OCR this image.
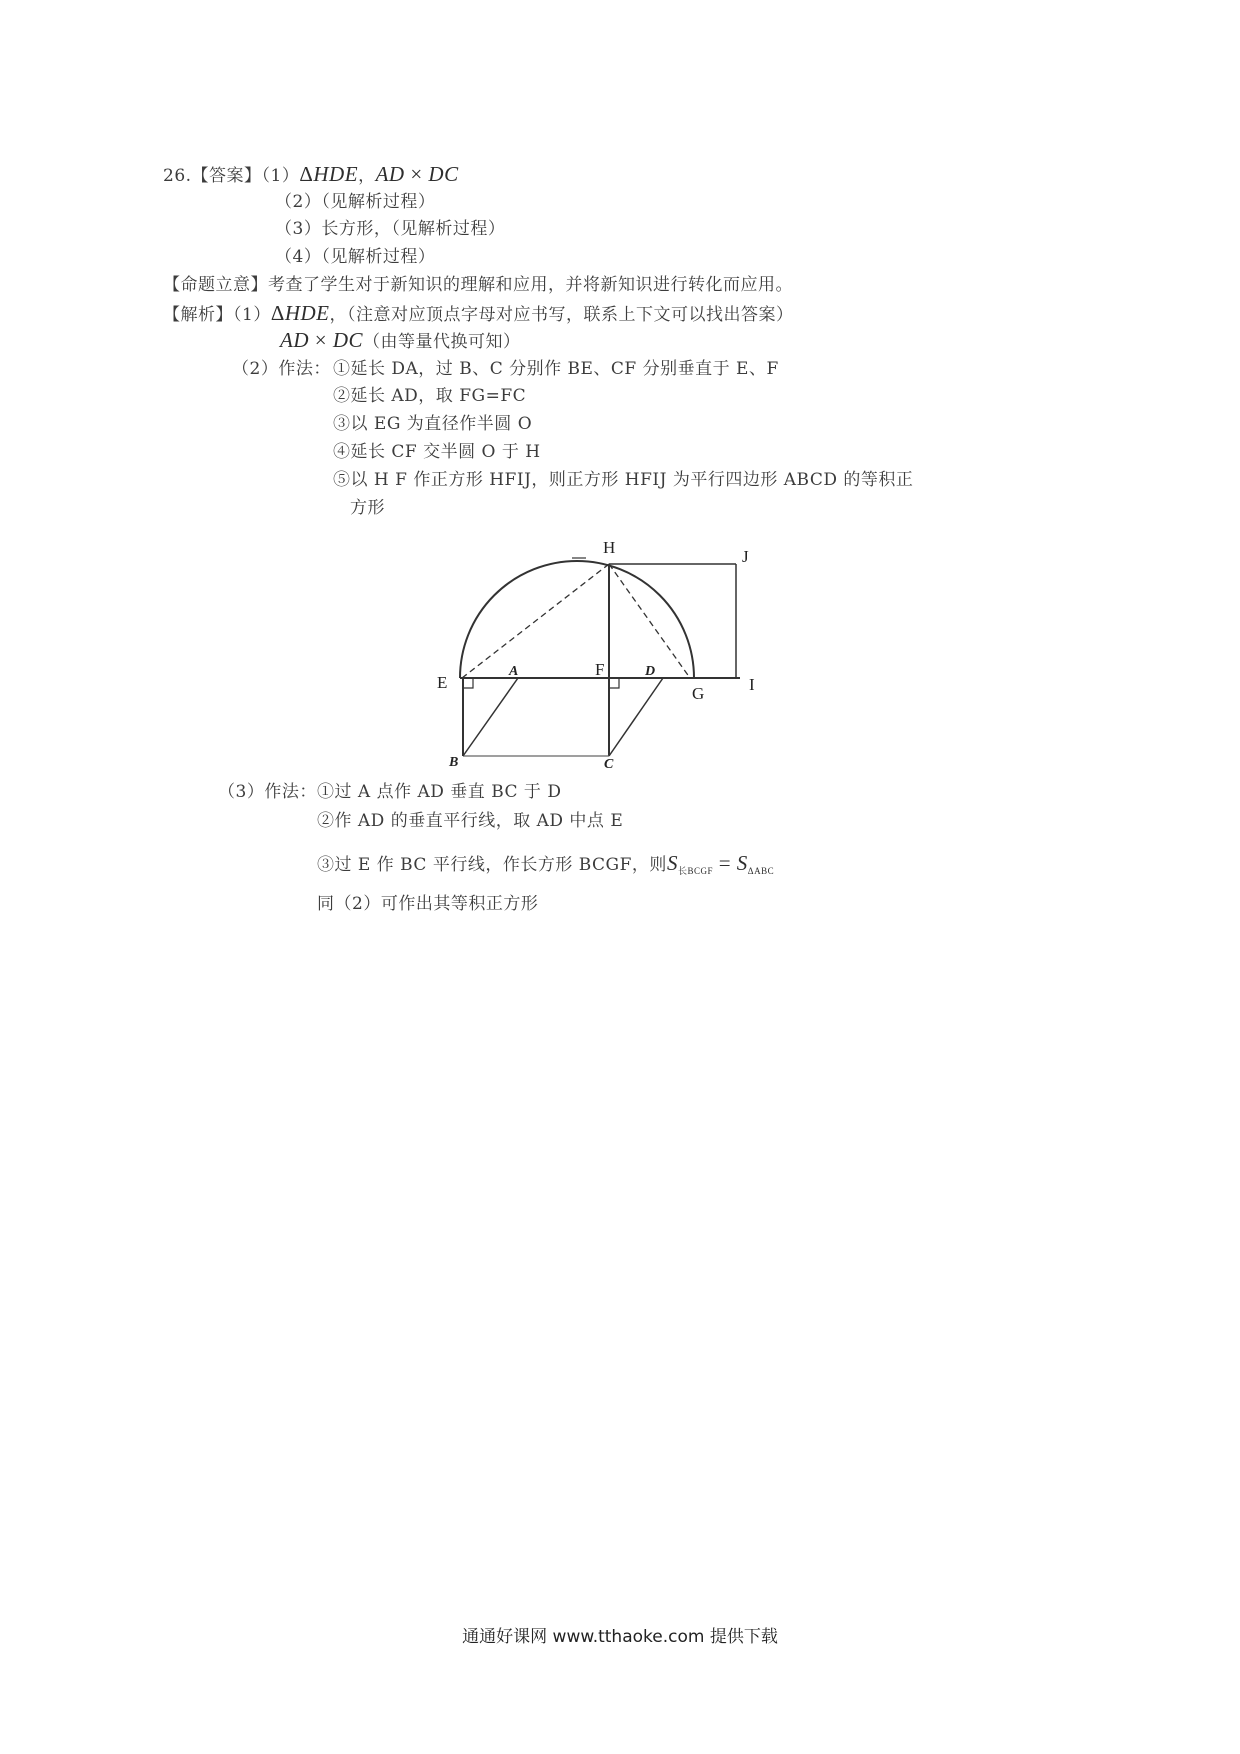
26.【答案】（1）ΔHDE，AD × DC
（2）（见解析过程）
（3）长方形，（见解析过程）
（4）（见解析过程）
【命题立意】考查了学生对于新知识的理解和应用，并将新知识进行转化而应用。
【解析】（1）ΔHDE，（注意对应顶点字母对应书写，联系上下文可以找出答案）
AD × DC（由等量代换可知）
（2）作法： ①延长 DA，过 B、C 分别作 BE、CF 分别垂直于 E、F
②延长 AD，取 FG=FC
③以 EG 为直径作半圆 O
④延长 CF 交半圆 O 于 H
⑤以 H F 作正方形 HFIJ，则正方形 HFIJ 为平行四边形 ABCD 的等积正
方形
H	J
E
A	F	D
G	I
B	C
（3）作法： ①过 A 点作 AD 垂直 BC 于 D
②作 AD 的垂直平行线，取 AD 中点 E
③过 E 作 BC 平行线，作长方形 BCGF，则$S_{长BCGF} = S_{\Delta ABC}$
同（2）可作出其等积正方形
通通好课网 www.tthaoke.com 提供下载
